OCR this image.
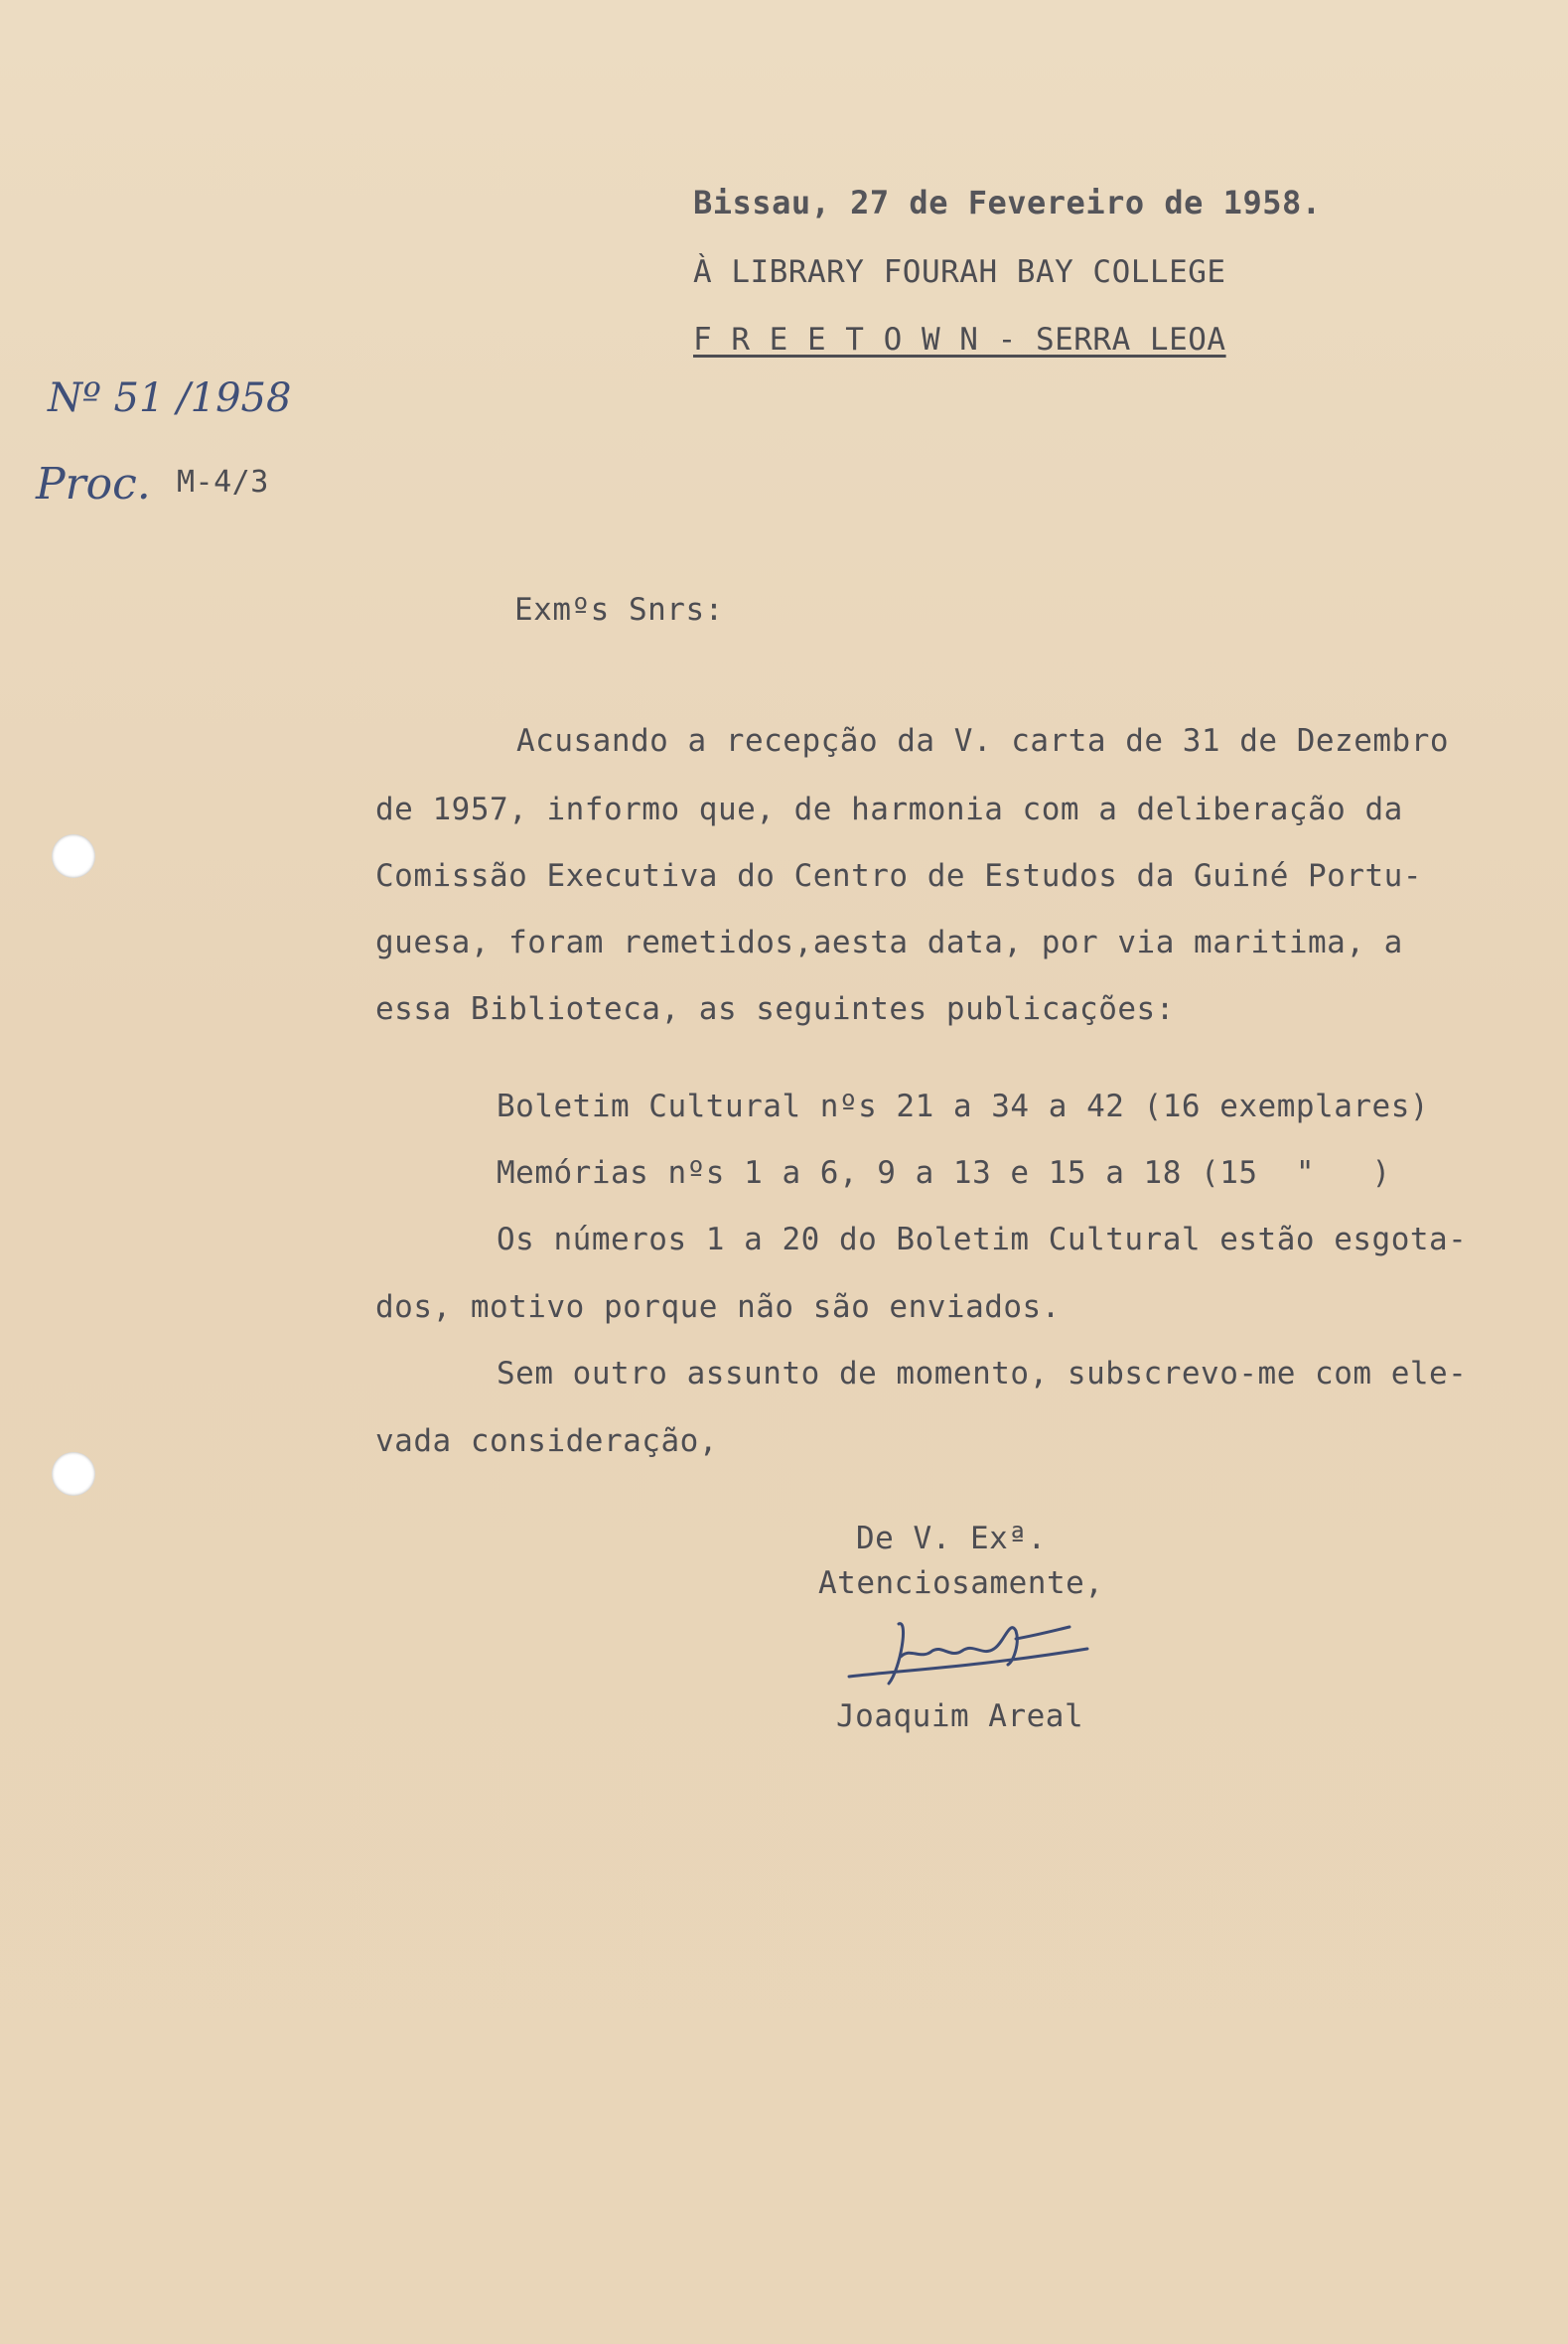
Bissau, 27 de Fevereiro de 1958.
À LIBRARY FOURAH BAY COLLEGE
F R E E T O W N - SERRA LEOA
Nº 51 /1958
Proc. M-4/3
Exmºs Snrs:
Acusando a recepção da V. carta de 31 de Dezembro
de 1957, informo que, de harmonia com a deliberação da
Comissão Executiva do Centro de Estudos da Guiné Portu-
guesa, foram remetidos,aesta data, por via maritima, a
essa Biblioteca, as seguintes publicações:
Boletim Cultural nºs 21 a 34 a 42 (16 exemplares)
Memórias nºs 1 a 6, 9 a 13 e 15 a 18 (15  "   )
Os números 1 a 20 do Boletim Cultural estão esgota-
dos, motivo porque não são enviados.
Sem outro assunto de momento, subscrevo-me com ele-
vada consideração,
De V. Exª.
Atenciosamente,
Joaquim Areal
